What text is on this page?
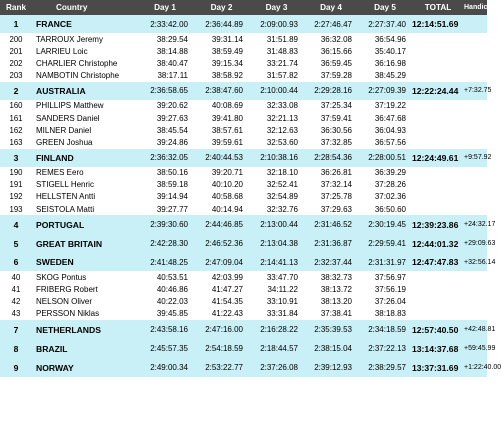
Rank	Country	Day 1	Day 2	Day 3	Day 4	Day 5	TOTAL	Handicap
1	FRANCE	2:33:42.00	2:36:44.89	2:09:00.93	2:27:46.47	2:27:37.40	12:14:51.69	
200	TARROUX Jeremy	38:29.54	39:31.14	31:51.89	36:32.08	36:54.96		
201	LARRIEU Loic	38:14.88	38:59.49	31:48.83	36:15.66	35:40.17		
202	CHARLIER Christophe	38:40.47	39:15.34	33:21.74	36:59.45	36:16.98		
203	NAMBOTIN Christophe	38:17.11	38:58.92	31:57.82	37:59.28	38:45.29		
2	AUSTRALIA	2:36:58.65	2:38:47.60	2:10:00.44	2:29:28.16	2:27:09.39	12:22:24.44	+7:32.75
160	PHILLIPS Matthew	39:20.62	40:08.69	32:33.08	37:25.34	37:19.22		
161	SANDERS Daniel	39:27.63	39:41.80	32:21.13	37:59.41	36:47.68		
162	MILNER Daniel	38:45.54	38:57.61	32:12.63	36:30.56	36:04.93		
163	GREEN Joshua	39:24.86	39:59.61	32:53.60	37:32.85	36:57.56		
3	FINLAND	2:36:32.05	2:40:44.53	2:10:38.16	2:28:54.36	2:28:00.51	12:24:49.61	+9:57.92
190	REMES Eero	38:50.16	39:20.71	32:18.10	36:26.81	36:39.29		
191	STIGELL Henric	38:59.18	40:10.20	32:52.41	37:32.14	37:28.26		
192	HELLSTEN Antti	39:14.94	40:58.68	32:54.89	37:25.78	37:02.36		
193	SEISTOLA Matti	39:27.77	40:14.94	32:32.76	37:29.63	36:50.60		
4	PORTUGAL	2:39:30.60	2:44:46.85	2:13:00.44	2:31:46.52	2:30:19.45	12:39:23.86	+24:32.17
5	GREAT BRITAIN	2:42:28.30	2:46:52.36	2:13:04.38	2:31:36.87	2:29:59.41	12:44:01.32	+29:09.63
6	SWEDEN	2:41:48.25	2:47:09.04	2:14:41.13	2:32:37.44	2:31:31.97	12:47:47.83	+32:56.14
40	SKOG Pontus	40:53.51	42:03.99	33:47.70	38:32.73	37:56.97		
41	FRIBERG Robert	40:46.86	41:47.27	34:11.22	38:13.72	37:56.19		
42	NELSON Oliver	40:22.03	41:54.35	33:10.91	38:13.20	37:26.04		
43	PERSSON Niklas	39:45.85	41:22.43	33:31.84	37:38.41	38:18.83		
7	NETHERLANDS	2:43:58.16	2:47:16.00	2:16:28.22	2:35:39.53	2:34:18.59	12:57:40.50	+42:48.81
8	BRAZIL	2:45:57.35	2:54:18.59	2:18:44.57	2:38:15.04	2:37:22.13	13:14:37.68	+59:45.99
9	NORWAY	2:49:00.34	2:53:22.77	2:37:26.08	2:39:12.93	2:38:29.57	13:37:31.69	+1:22:40.00
